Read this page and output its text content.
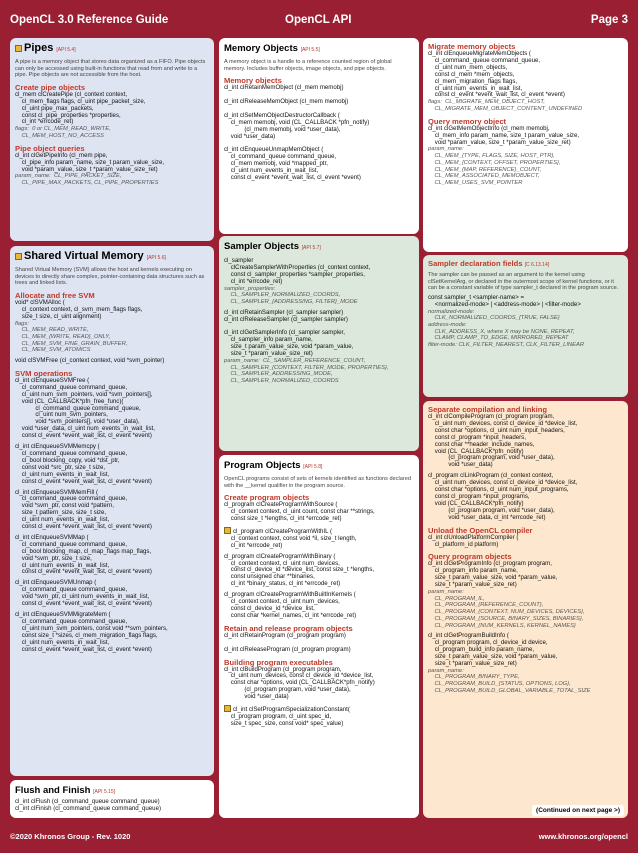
OpenCL 3.0 Reference Guide	OpenCL API	Page 3
Pipes [API 5.4]
A pipe is a memory object that stores data organized as a FIFO. Pipe objects can only be accessed using built-in functions that read from and write to a pipe. Pipe objects are not accessible from the host.
Create pipe objects
cl_mem clCreatePipe (cl_context context,
cl_mem_flags flags, cl_uint pipe_packet_size,
cl_uint pipe_max_packets,
const cl_pipe_properties *properties,
cl_int *errcode_ret)
flags:  0 or CL_MEM_READ_WRITE,
CL_MEM_HOST_NO_ACCESS
Pipe object queries
cl_int clGetPipeInfo (cl_mem pipe,
cl_pipe_info param_name, size_t param_value_size,
void *param_value, size_t *param_value_size_ret)
param_name:  CL_PIPE_PACKET_SIZE,
CL_PIPE_MAX_PACKETS, CL_PIPE_PROPERTIES
Shared Virtual Memory [API 5.6]
Shared Virtual Memory (SVM) allows the host and kernels executing on devices to directly share complex, pointer-containing data structures such as trees and linked lists.
Allocate and free SVM
void* clSVMAlloc (
cl_context context, cl_svm_mem_flags flags,
size_t size, cl_uint alignment)
flags:
CL_MEM_READ_WRITE,
CL_MEM_{WRITE, READ}_ONLY,
CL_MEM_SVM_FINE_GRAIN_BUFFER,
CL_MEM_SVM_ATOMICS
void clSVMFree (cl_context context, void *svm_pointer)
SVM operations
cl_int clEnqueueSVMFree (
cl_command_queue command_queue,
cl_uint num_svm_pointers, void *svm_pointers[],
void (CL_CALLBACK*pfn_free_func)(
cl_command_queue command_queue,
cl_uint num_svm_pointers,
void *svm_pointers[], void *user_data),
void *user_data, cl_uint num_events_in_wait_list,
const cl_event *event_wait_list, cl_event *event)
cl_int clEnqueueSVMMemcpy (
cl_command_queue command_queue,
cl_bool blocking_copy, void *dst_ptr,
const void *src_ptr, size_t size,
cl_uint num_events_in_wait_list,
const cl_event *event_wait_list, cl_event *event)
cl_int clEnqueueSVMMemFill (
cl_command_queue command_queue,
void *svm_ptr, const void *pattern,
size_t pattern_size, size_t size,
cl_uint num_events_in_wait_list,
const cl_event *event_wait_list, cl_event *event)
cl_int clEnqueueSVMMap (
cl_command_queue command_queue,
cl_bool blocking_map, cl_map_flags map_flags,
void *svm_ptr, size_t size,
cl_uint num_events_in_wait_list,
const cl_event *event_wait_list, cl_event *event)
cl_int clEnqueueSVMUnmap (
cl_command_queue command_queue,
void *svm_ptr, cl_uint num_events_in_wait_list,
const cl_event *event_wait_list, cl_event *event)
cl_int clEnqueueSVMMigrateMem (
cl_command_queue command_queue,
cl_uint num_svm_pointers, const void **svm_pointers,
const size_t *sizes, cl_mem_migration_flags flags,
cl_uint num_events_in_wait_list,
const cl_event *event_wait_list, cl_event *event)
Flush and Finish [API 5.15]
cl_int clFlush (cl_command_queue command_queue)
cl_int clFinish (cl_command_queue command_queue)
Memory Objects [API 5.5]
A memory object is a handle to a reference counted region of global memory. Includes buffer objects, image objects, and pipe objects.
Memory objects
cl_int clRetainMemObject (cl_mem memobj)

cl_int clReleaseMemObject (cl_mem memobj)

cl_int clSetMemObjectDestructorCallback (
cl_mem memobj, void (CL_CALLBACK *pfn_notify)
(cl_mem memobj, void *user_data),
void *user_data)

cl_int clEnqueueUnmapMemObject (
cl_command_queue command_queue,
cl_mem memobj, void *mapped_ptr,
cl_uint num_events_in_wait_list,
const cl_event *event_wait_list, cl_event *event)
Sampler Objects [API 5.7]
cl_sampler
clCreateSamplerWithProperties (cl_context context,
const cl_sampler_properties *sampler_properties,
cl_int *errcode_ret)
sampler_properties:
CL_SAMPLER_NORMALIZED_COORDS,
CL_SAMPLER_{ADDRESSING, FILTER}_MODE
cl_int clRetainSampler (cl_sampler sampler)
cl_int clReleaseSampler (cl_sampler sampler)

cl_int clGetSamplerInfo (cl_sampler sampler,
cl_sampler_info param_name,
size_t param_value_size, void *param_value,
size_t *param_value_size_ret)
param_name:  CL_SAMPLER_REFERENCE_COUNT,
CL_SAMPLER_{CONTEXT, FILTER_MODE, PROPERTIES},
CL_SAMPLER_ADDRESSING_MODE,
CL_SAMPLER_NORMALIZED_COORDS
Program Objects [API 5.8]
OpenCL programs consist of sets of kernels identified as functions declared with the __kernel qualifier in the program source.
Create program objects
cl_program clCreateProgramWithSource (
cl_context context, cl_uint count, const char **strings,
const size_t *lengths, cl_int *errcode_ret)
cl_program clCreateProgramWithIL (
cl_context context, const void *il, size_t length,
cl_int *errcode_ret)
cl_program clCreateProgramWithBinary (
cl_context context, cl_uint num_devices,
const cl_device_id *device_list, const size_t *lengths,
const unsigned char **binaries,
cl_int *binary_status, cl_int *errcode_ret)
cl_program clCreateProgramWithBuiltInKernels (
cl_context context, cl_uint num_devices,
const cl_device_id *device_list,
const char *kernel_names, cl_int *errcode_ret)
Retain and release program objects
cl_int clRetainProgram (cl_program program)

cl_int clReleaseProgram (cl_program program)
Building program executables
cl_int clBuildProgram (cl_program program,
cl_uint num_devices, const cl_device_id *device_list,
const char *options, void (CL_CALLBACK*pfn_notify)
(cl_program program, void *user_data),
void *user_data)
cl_int clSetProgramSpecializationConstant(
cl_program program, cl_uint spec_id,
size_t spec_size, const void* spec_value)
Migrate memory objects
cl_int clEnqueueMigrateMemObjects (
cl_command_queue command_queue,
cl_uint num_mem_objects,
const cl_mem *mem_objects,
cl_mem_migration_flags flags,
cl_uint num_events_in_wait_list,
const cl_event *event_wait_list, cl_event *event)
flags:  CL_MIGRATE_MEM_OBJECT_HOST,
CL_MIGRATE_MEM_OBJECT_CONTENT_UNDEFINED
Query memory object
cl_int clGetMemObjectInfo (cl_mem memobj,
cl_mem_info param_name, size_t param_value_size,
void *param_value, size_t *param_value_size_ret)
param_name:
CL_MEM_{TYPE, FLAGS, SIZE, HOST_PTR},
CL_MEM_{CONTEXT, OFFSET, PROPERTIES},
CL_MEM_{MAP, REFERENCE}_COUNT,
CL_MEM_ASSOCIATED_MEMOBJECT,
CL_MEM_USES_SVM_POINTER
Sampler declaration fields [C 6.13.14]
The sampler can be passed as an argument to the kernel using clSetKernelArg, or declared in the outermost scope of kernel functions, or it can be a constant variable of type sampler_t declared in the program source.
const sampler_t <sampler-name> =
<normalized-mode> | <address-mode> | <filter-mode>
normalized-mode:
CLK_NORMALIZED_COORDS_{TRUE, FALSE}
address-mode:
CLK_ADDRESS_X, where X may be NONE, REPEAT,
CLAMP, CLAMP_TO_EDGE, MIRRORED_REPEAT
filter-mode: CLK_FILTER_NEAREST, CLK_FILTER_LINEAR
Separate compilation and linking
cl_int clCompileProgram (cl_program program,
cl_uint num_devices, const cl_device_id *device_list,
const char *options, cl_uint num_input_headers,
const cl_program *input_headers,
const char **header_include_names,
void (CL_CALLBACK*pfn_notify)
(cl_program program, void *user_data),
void *user_data)
cl_program clLinkProgram (cl_context context,
cl_uint num_devices, const cl_device_id *device_list,
const char *options, cl_uint num_input_programs,
const cl_program *input_programs,
void (CL_CALLBACK*pfn_notify)
(cl_program program, void *user_data),
void *user_data, cl_int *errcode_ret)
Unload the OpenCL compiler
cl_int clUnloadPlatformCompiler (
cl_platform_id platform)
Query program objects
cl_int clGetProgramInfo (cl_program program,
cl_program_info param_name,
size_t param_value_size, void *param_value,
size_t *param_value_size_ret)
param_name:
CL_PROGRAM_IL,
CL_PROGRAM_{REFERENCE_COUNT},
CL_PROGRAM_{CONTEXT, NUM_DEVICES, DEVICES},
CL_PROGRAM_{SOURCE, BINARY_SIZES, BINARIES},
CL_PROGRAM_{NUM_KERNELS, KERNEL_NAMES}
cl_int clGetProgramBuildInfo (
cl_program program, cl_device_id device,
cl_program_build_info param_name,
size_t param_value_size, void *param_value,
size_t *param_value_size_ret)
param_name:
CL_PROGRAM_BINARY_TYPE,
CL_PROGRAM_BUILD_{STATUS, OPTIONS, LOG},
CL_PROGRAM_BUILD_GLOBAL_VARIABLE_TOTAL_SIZE
(Continued on next page >)
©2020 Khronos Group - Rev. 1020	www.khronos.org/opencl
